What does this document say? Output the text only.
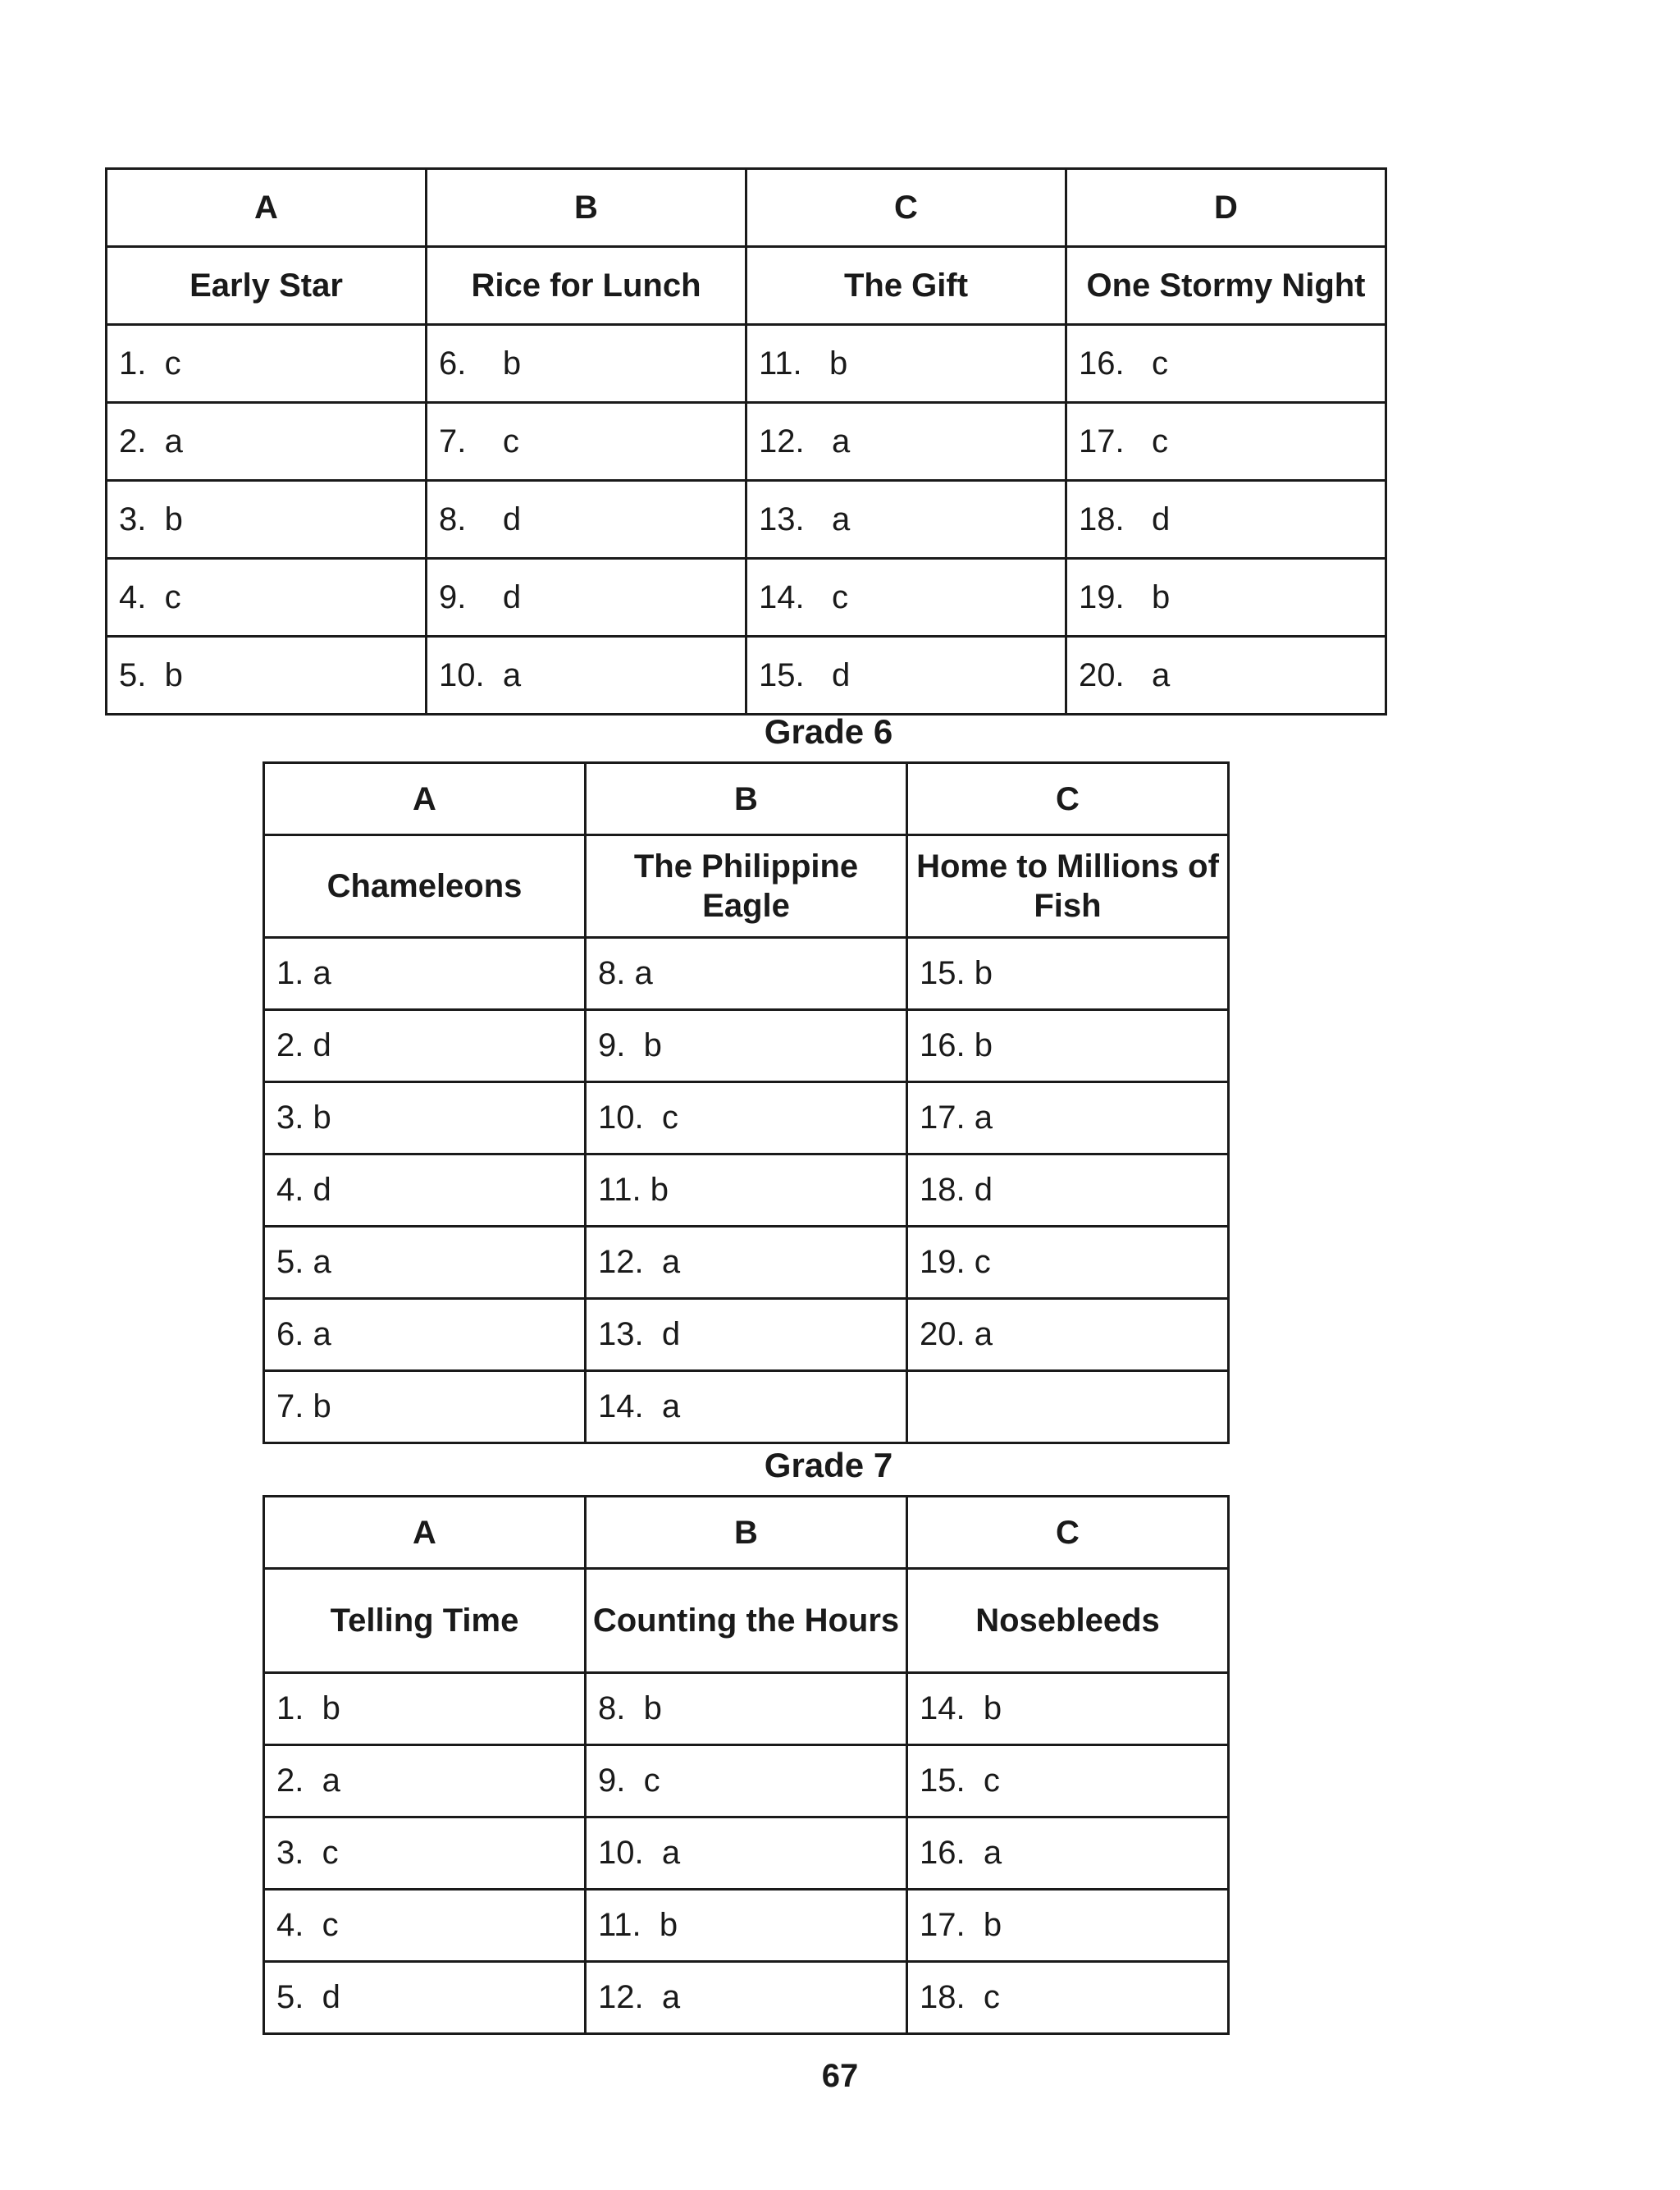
A	B	C	D
Early Star	Rice for Lunch	The Gift	One Stormy Night
1.  c	6.    b	11.   b	16.   c
2.  a	7.    c	12.   a	17.   c
3.  b	8.    d	13.   a	18.   d
4.  c	9.    d	14.   c	19.   b
5.  b	10.  a	15.   d	20.   a
Grade 6
A	B	C
Chameleons	The Philippine Eagle	Home to Millions of Fish
1. a	8. a	15. b
2. d	9.  b	16. b
3. b	10.  c	17. a
4. d	11. b	18. d
5. a	12.  a	19. c
6. a	13.  d	20. a
7. b	14.  a	
Grade 7
A	B	C
Telling Time	Counting the Hours	Nosebleeds
1.  b	8.  b	14.  b
2.  a	9.  c	15.  c
3.  c	10.  a	16.  a
4.  c	11.  b	17.  b
5.  d	12.  a	18.  c
67
